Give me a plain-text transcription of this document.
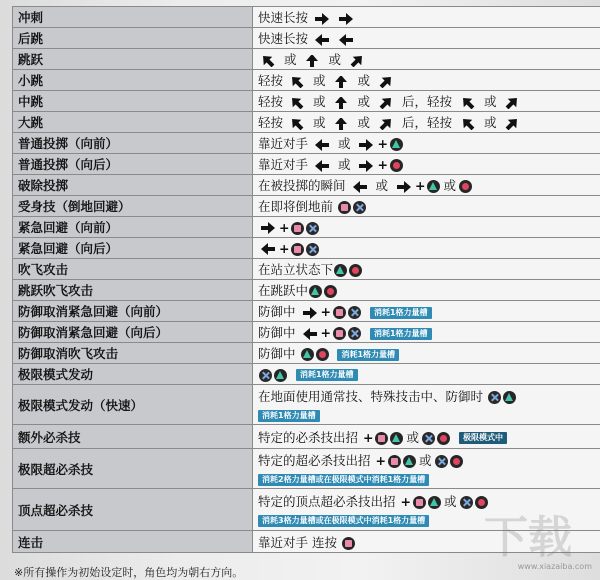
冲刺	快速长按

后跳	快速长按

跳跃	或 或

小跳	轻按 或 或

中跳	轻按 或 或 后，轻按 或

大跳	轻按 或 或 后，轻按 或

普通投掷（向前）	靠近对手 或 +
普通投掷（向后）	靠近对手 或 +
破除投掷	在被投掷的瞬间 或 + 或
受身技（倒地回避）	在即将倒地前

紧急回避（向前）	+

紧急回避（向后）	+

吹飞攻击	在站立状态下
跳跃吹飞攻击	在跳跃中
防御取消紧急回避（向前）	防御中 + 消耗1格力量槽
防御取消紧急回避（向后）	防御中 + 消耗1格力量槽
防御取消吹飞攻击	防御中 消耗1格力量槽
极限模式发动	消耗1格力量槽
极限模式发动（快速）	在地面使用通常技、特殊技击中、防御时
消耗1格力量槽

额外必杀技	特定的必杀技出招 + 或 极限模式中
极限超必杀技	特定的超必杀技出招 + 或
消耗2格力量槽或在极限模式中消耗1格力量槽

顶点超必杀技	特定的顶点超必杀技出招 + 或
消耗3格力量槽或在极限模式中消耗1格力量槽

连击	靠近对手 连按
※所有操作为初始设定时，角色均为朝右方向。
下载
www.xiazaiba.com
